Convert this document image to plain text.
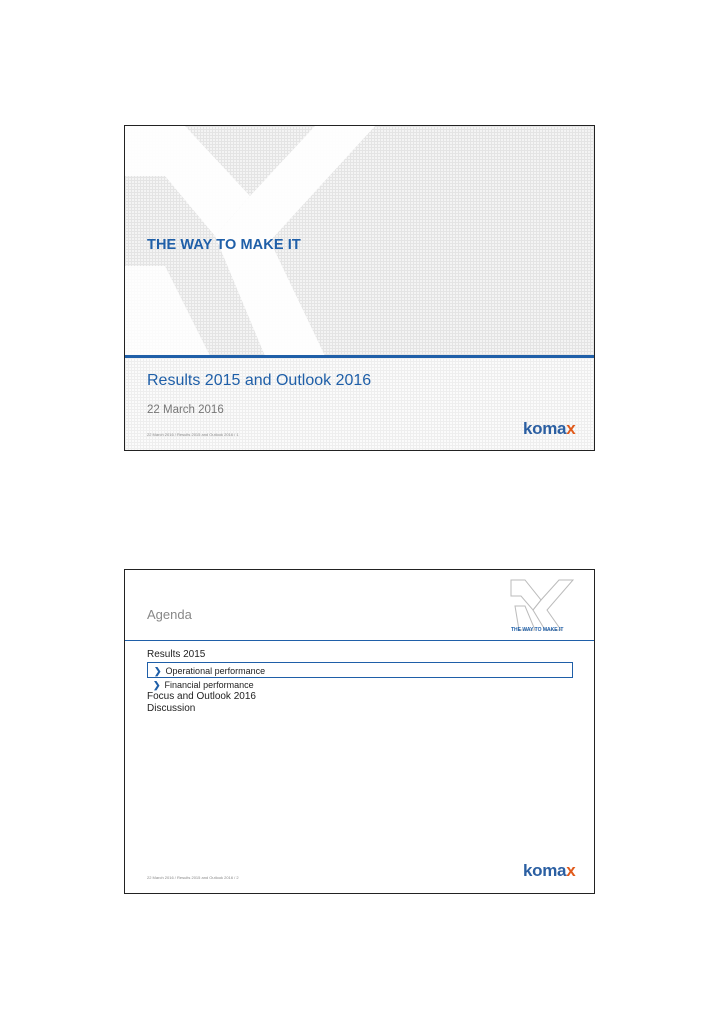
THE WAY TO MAKE IT
Results 2015 and Outlook 2016
22 March 2016
22 March 2016 / Results 2015 and Outlook 2016 / 1	komax
THE WAY TO MAKE IT
Agenda
Results 2015
❯ Operational performance
❯ Financial performance
Focus and Outlook 2016
Discussion
22 March 2016 / Results 2015 and Outlook 2016 / 2	komax
